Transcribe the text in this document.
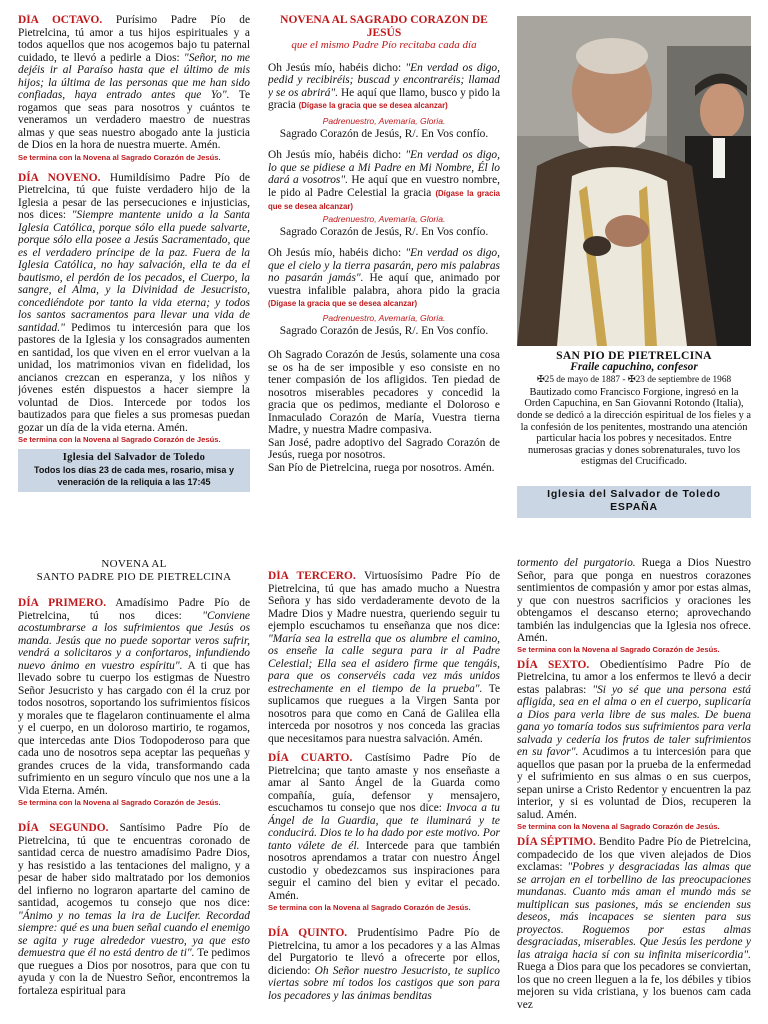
DÍA OCTAVO. Purísimo Padre Pío de Pietrelcina, tú amor a tus hijos espirituales y a todos aquellos que nos acogemos bajo tu paternal cuidado, te llevó a pedirle a Dios: "Señor, no me dejéis ir al Paraíso hasta que el último de mis hijos; la última de las personas que me han sido confiadas, haya entrado antes que Yo". Te rogamos que seas para nosotros y cuántos te veneramos un verdadero maestro de nuestras almas y que seas nuestro abogado ante la justicia de Dios en la hora de nuestra muerte. Amén.
Se termina con la Novena al Sagrado Corazón de Jesús.
DÍA NOVENO. Humildísimo Padre Pío de Pietrelcina, tú que fuiste verdadero hijo de la Iglesia a pesar de las persecuciones e injusticias, nos dices: "Siempre mantente unido a la Santa Iglesia Católica, porque sólo ella puede salvarte, porque sólo ella posee a Jesús Sacramentado, que es el verdadero príncipe de la paz. Fuera de la Iglesia Católica, no hay salvación, ella te da el bautismo, el perdón de los pecados, el Cuerpo, la sangre, el Alma, y la Divinidad de Jesucristo, concediéndote por tanto la vida eterna; y todos los santos sacramentos para llevar una vida de santidad." Pedimos tu intercesión para que los pastores de la Iglesia y los consagrados aumenten en santidad, los que viven en el error vuelvan a la unidad, los matrimonios vivan en fidelidad, los ancianos crezcan en esperanza, y los niños y jóvenes estén dispuestos a hacer siempre la voluntad de Dios. Intercede por todos los bautizados para que fieles a sus promesas puedan gozar un día de la vida eterna. Amén.
Se termina con la Novena al Sagrado Corazón de Jesús.
Iglesia del Salvador de Toledo
Todos los días 23 de cada mes, rosario, misa y veneración de la reliquia a las 17:45
NOVENA AL SAGRADO CORAZÓN DE JESÚS
que el mismo Padre Pío recitaba cada día
Oh Jesús mío, habéis dicho: "En verdad os digo, pedid y recibiréis; buscad y encontraréis; llamad y se os abrirá". He aquí que llamo, busco y pido la gracia (Dígase la gracia que se desea alcanzar)
Padrenuestro, Avemaría, Gloria.
Sagrado Corazón de Jesús, R/. En Vos confío.
Oh Jesús mío, habéis dicho: "En verdad os digo, lo que se pidiese a Mi Padre en Mi Nombre, Él lo dará a vosotros". He aquí que en vuestro nombre, le pido al Padre Celestial la gracia (Dígase la gracia que se desea alcanzar)
Padrenuestro, Avemaría, Gloria.
Sagrado Corazón de Jesús, R/. En Vos confío.
Oh Jesús mío, habéis dicho: "En verdad os digo, que el cielo y la tierra pasarán, pero mis palabras no pasarán jamás". He aquí que, animado por vuestra infalible palabra, ahora pido la gracia (Dígase la gracia que se desea alcanzar)
Padrenuestro, Avemaría, Gloria.
Sagrado Corazón de Jesús, R/. En Vos confío.
Oh Sagrado Corazón de Jesús, solamente una cosa se os ha de ser imposible y eso consiste en no tener compasión de los afligidos. Ten piedad de nosotros miserables pecadores y concedid la gracia que os pedimos, mediante el Doloroso e Inmaculado Corazón de María, Vuestra tierna Madre, y nuestra Madre compasiva.
San José, padre adoptivo del Sagrado Corazón de Jesús, ruega por nosotros.
San Pío de Pietrelcina, ruega por nosotros. Amén.
SAN PIO DE PIETRELCINA
Fraile capuchino, confesor
✠25 de mayo de 1887 - ✠23 de septiembre de 1968
Bautizado como Francisco Forgione, ingresó en la Orden Capuchina, en San Giovanni Rotondo (Italia), donde se dedicó a la dirección espiritual de los fieles y a la confesión de los penitentes, mostrando una atención particular hacia los pobres y necesitados. Entre numerosas gracias y dones sobrenaturales, tuvo los estigmas del Crucificado.
Iglesia del Salvador de Toledo
ESPAÑA
NOVENA AL
SANTO PADRE PIO DE PIETRELCINA
DÍA PRIMERO. Amadísimo Padre Pío de Pietrelcina, tú nos dices: "Conviene acostumbrarse a los sufrimientos que Jesús os manda. Jesús que no puede soportar veros sufrir, vendrá a solicitaros y a confortaros, infundiendo nuevo ánimo en vuestro espíritu". A ti que has llevado sobre tu cuerpo los estigmas de Nuestro Señor Jesucristo y has cargado con él la cruz por todos nosotros, soportando los sufrimientos físicos y morales que te flagelaron continuamente el alma y el cuerpo, en un doloroso martirio, te rogamos, que intercedas ante Dios Todopoderoso para que cada uno de nosotros sepa aceptar las pequeñas y grandes cruces de la vida, transformando cada sufrimiento en un seguro vínculo que nos une a la Vida Eterna. Amén.
Se termina con la Novena al Sagrado Corazón de Jesús.
DÍA SEGUNDO. Santísimo Padre Pío de Pietrelcina, tú que te encuentras coronado de santidad cerca de nuestro amadísimo Padre Dios, y has resistido a las tentaciones del maligno, y a pesar de haber sido maltratado por los demonios del infierno no lograron apartarte del camino de santidad, acogemos tu consejo que nos dice: "Ánimo y no temas la ira de Lucifer. Recordad siempre: qué es una buen señal cuando el enemigo se agita y ruge alrededor vuestro, ya que esto demuestra que él no está dentro de ti". Te pedimos que ruegues a Dios por nosotros, para que con tu ayuda y con la de Nuestro Señor, encontremos la fortaleza espiritual para
DÍA TERCERO. Virtuosísimo Padre Pío de Pietrelcina, tú que has amado mucho a Nuestra Señora y has sido verdaderamente devoto de la Madre Dios y Madre nuestra, queriendo seguir tu ejemplo escuchamos tu enseñanza que nos dice: "María sea la estrella que os alumbre el camino, os enseñe la calle segura para ir al Padre Celestial; Ella sea el asidero firme que tengáis, para que os conservéis cada vez más unidos estrechamente en el tiempo de la prueba". Te suplicamos que ruegues a la Virgen Santa por nosotros para que como en Caná de Galilea ella interceda por nosotros y nos conceda las gracias que necesitamos para nuestra salvación. Amén.
DÍA CUARTO. Castísimo Padre Pío de Pietrelcina; que tanto amaste y nos enseñaste a amar al Santo Ángel de la Guarda como compañía, guía, defensor y mensajero, escuchamos tu consejo que nos dice: Invoca a tu Ángel de la Guardia, que te iluminará y te conducirá. Dios te lo ha dado por este motivo. Por tanto válete de él. Intercede para que también nosotros aprendamos a tratar con nuestro Ángel custodio y obedezcamos sus inspiraciones para seguir el camino del bien y evitar el pecado. Amén.
Se termina con la Novena al Sagrado Corazón de Jesús.
DÍA QUINTO. Prudentísimo Padre Pío de Pietrelcina, tu amor a los pecadores y a las Almas del Purgatorio te llevó a ofrecerte por ellos, diciendo: Oh Señor nuestro Jesucristo, te suplico viertas sobre mí todos los castigos que son para los pecadores y las ánimas benditas
tormento del purgatorio. Ruega a Dios Nuestro Señor, para que ponga en nuestros corazones sentimientos de compasión y amor por estas almas, y que con nuestros sacrificios y oraciones les obtengamos el descanso eterno; aprovechando también las indulgencias que la Iglesia nos ofrece. Amén.
Se termina con la Novena al Sagrado Corazón de Jesús.
DÍA SEXTO. Obedientísimo Padre Pío de Pietrelcina, tu amor a los enfermos te llevó a decir estas palabras: "Si yo sé que una persona está afligida, sea en el alma o en el cuerpo, suplicaría a Dios para verla libre de sus males. De buena gana yo tomaría todos sus sufrimientos para verla salvada y cedería los frutos de taler sufrimientos en su favor". Acudimos a tu intercesión para que aquellos que pasan por la prueba de la enfermedad y el sufrimiento en sus almas o en sus cuerpos, sepan unirse a Cristo Redentor y encuentren la paz interior, y si es voluntad de Dios, recuperen la salud. Amén.
Se termina con la Novena al Sagrado Corazón de Jesús.
DÍA SÉPTIMO. Bendito Padre Pío de Pietrelcina, compadecido de los que viven alejados de Dios exclamas: "Pobres y desgraciadas las almas que se arrojan en el torbellino de las preocupaciones mundanas. Cuanto más aman el mundo más se multiplican sus pasiones, más se encienden sus deseos, más incapaces se sienten para sus proyectos. Roguemos por estas almas desgraciadas, miserables. Que Jesús les perdone y las atraiga hacia sí con su infinita misericordia". Ruega a Dios para que los pecadores se conviertan, los que no creen lleguen a la fe, los débiles y tibios mejoren su vida cristiana, y los buenos cam cada vez
